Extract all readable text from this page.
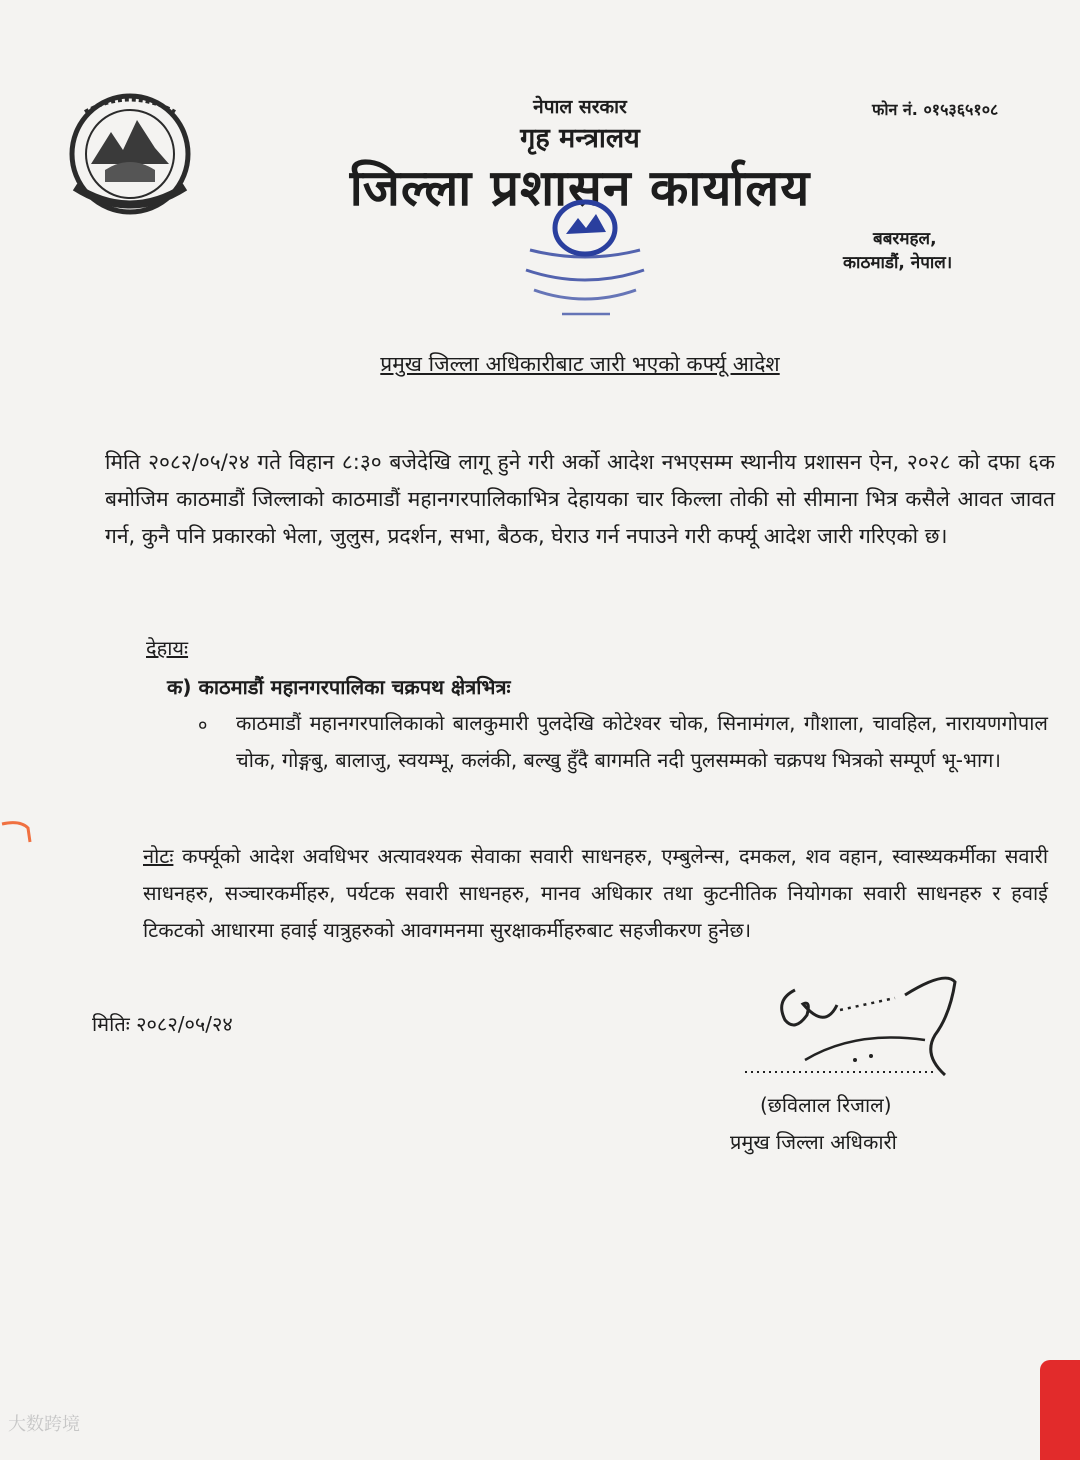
नेपाल सरकार
गृह मन्त्रालय
जिल्ला प्रशासन कार्यालय
फोन नं. ०१५३६५१०८
बबरमहल,
काठमाडौं, नेपाल।
प्रमुख जिल्ला अधिकारीबाट जारी भएको कर्फ्यू आदेश
मिति २०८२/०५/२४ गते विहान ८:३० बजेदेखि लागू हुने गरी अर्को आदेश नभएसम्म स्थानीय प्रशासन ऐन, २०२८ को दफा ६क बमोजिम काठमाडौं जिल्लाको काठमाडौं महानगरपालिकाभित्र देहायका चार किल्ला तोकी सो सीमाना भित्र कसैले आवत जावत गर्न, कुनै पनि प्रकारको भेला, जुलुस, प्रदर्शन, सभा, बैठक, घेराउ गर्न नपाउने गरी कर्फ्यू आदेश जारी गरिएको छ।
देहायः
क) काठमाडौं महानगरपालिका चक्रपथ क्षेत्रभित्रः
० काठमाडौं महानगरपालिकाको बालकुमारी पुलदेखि कोटेश्वर चोक, सिनामंगल, गौशाला, चावहिल, नारायणगोपाल चोक, गोङ्गबु, बालाजु, स्वयम्भू, कलंकी, बल्खु हुँदै बागमति नदी पुलसम्मको चक्रपथ भित्रको सम्पूर्ण भू-भाग।
नोटः कर्फ्यूको आदेश अवधिभर अत्यावश्यक सेवाका सवारी साधनहरु, एम्बुलेन्स, दमकल, शव वहान, स्वास्थ्यकर्मीका सवारी साधनहरु, सञ्चारकर्मीहरु, पर्यटक सवारी साधनहरु, मानव अधिकार तथा कुटनीतिक नियोगका सवारी साधनहरु र हवाई टिकटको आधारमा हवाई यात्रुहरुको आवगमनमा सुरक्षाकर्मीहरुबाट सहजीकरण हुनेछ।
मितिः २०८२/०५/२४
(छविलाल रिजाल)
प्रमुख जिल्ला अधिकारी
大数跨境
